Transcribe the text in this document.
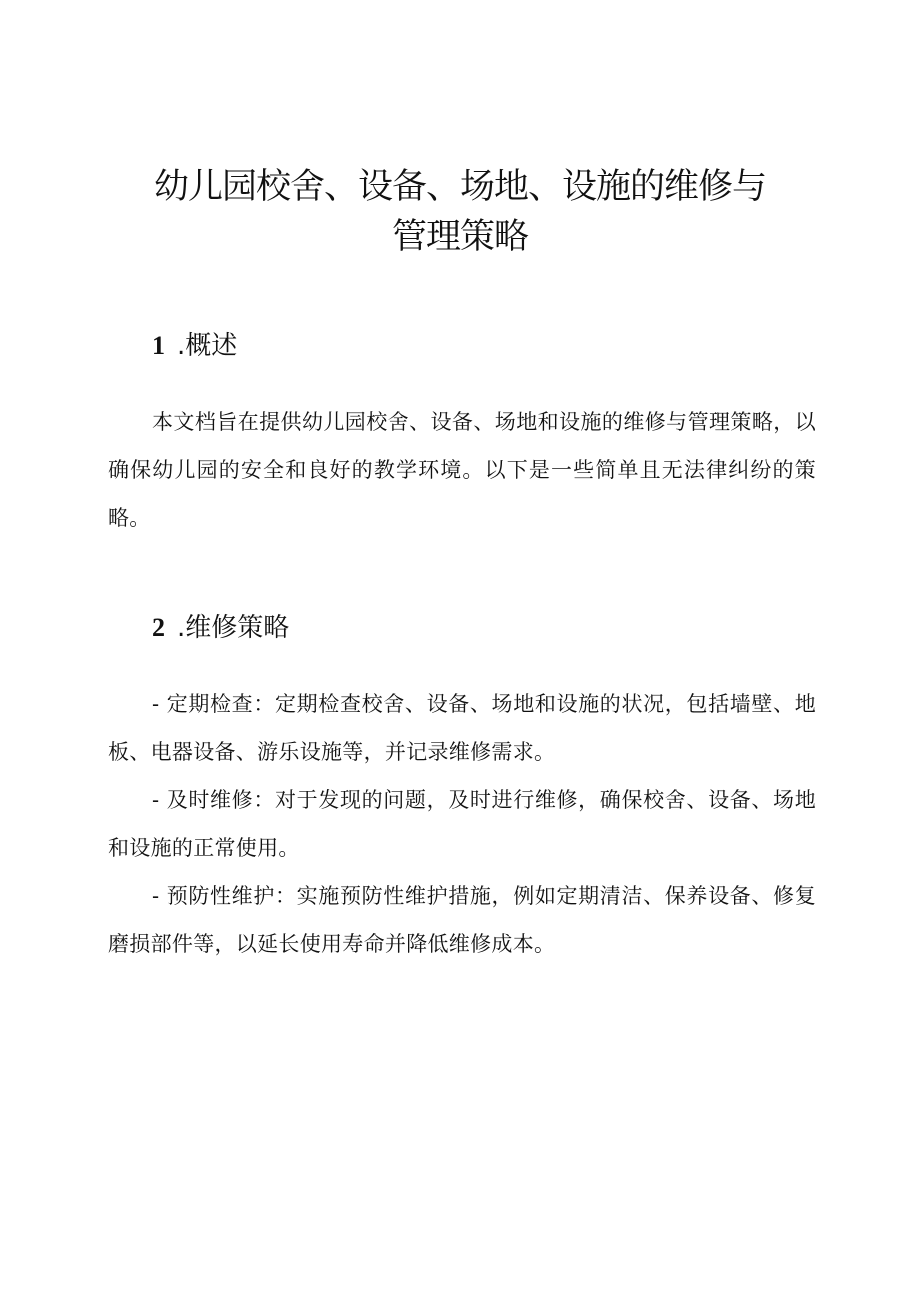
幼儿园校舍、设备、场地、设施的维修与
管理策略
1 .概述

本文档旨在提供幼儿园校舍、设备、场地和设施的维修与管理策略，以确保幼儿园的安全和良好的教学环境。以下是一些简单且无法律纠纷的策略。

2 .维修策略

- 定期检查：定期检查校舍、设备、场地和设施的状况，包括墙壁、地板、电器设备、游乐设施等，并记录维修需求。

- 及时维修：对于发现的问题，及时进行维修，确保校舍、设备、场地和设施的正常使用。

- 预防性维护：实施预防性维护措施，例如定期清洁、保养设备、修复磨损部件等，以延长使用寿命并降低维修成本。
